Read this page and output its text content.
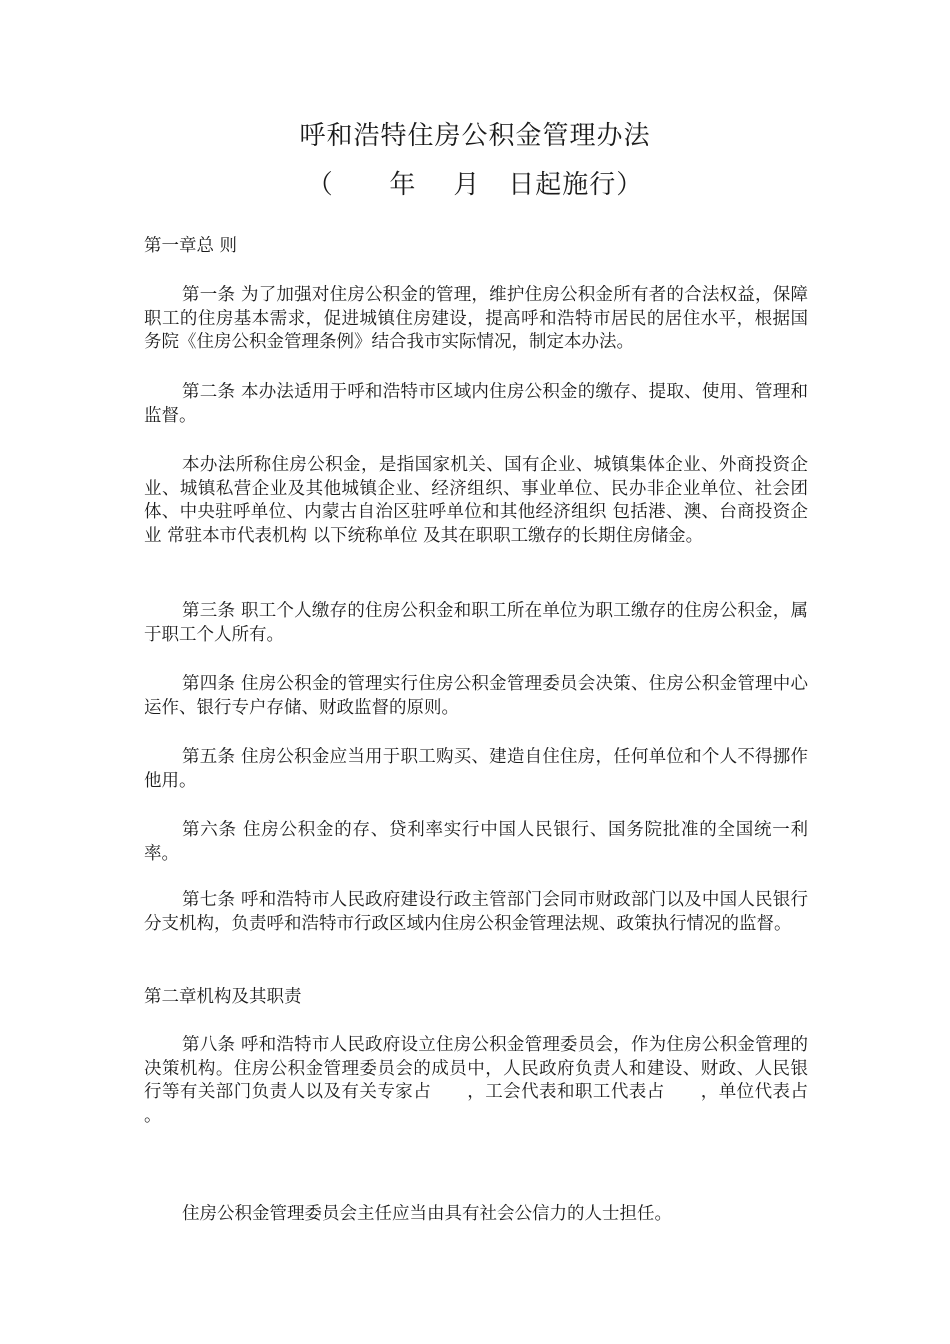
呼和浩特住房公积金管理办法
（      年    月   日起施行）

第一章总 则

第一条 为了加强对住房公积金的管理，维护住房公积金所有者的合法权益，保障职工的住房基本需求，促进城镇住房建设，提高呼和浩特市居民的居住水平，根据国务院《住房公积金管理条例》结合我市实际情况，制定本办法。

第二条 本办法适用于呼和浩特市区域内住房公积金的缴存、提取、使用、管理和监督。

本办法所称住房公积金，是指国家机关、国有企业、城镇集体企业、外商投资企业、城镇私营企业及其他城镇企业、经济组织、事业单位、民办非企业单位、社会团体、中央驻呼单位、内蒙古自治区驻呼单位和其他经济组织 包括港、澳、台商投资企业 常驻本市代表机构 以下统称单位 及其在职职工缴存的长期住房储金。

第三条 职工个人缴存的住房公积金和职工所在单位为职工缴存的住房公积金，属于职工个人所有。

第四条 住房公积金的管理实行住房公积金管理委员会决策、住房公积金管理中心运作、银行专户存储、财政监督的原则。

第五条 住房公积金应当用于职工购买、建造自住住房，任何单位和个人不得挪作他用。

第六条 住房公积金的存、贷利率实行中国人民银行、国务院批准的全国统一利率。

第七条 呼和浩特市人民政府建设行政主管部门会同市财政部门以及中国人民银行分支机构，负责呼和浩特市行政区域内住房公积金管理法规、政策执行情况的监督。

第二章机构及其职责

第八条 呼和浩特市人民政府设立住房公积金管理委员会，作为住房公积金管理的决策机构。住房公积金管理委员会的成员中，人民政府负责人和建设、财政、人民银行等有关部门负责人以及有关专家占      ，工会代表和职工代表占      ，单位代表占      。

住房公积金管理委员会主任应当由具有社会公信力的人士担任。
